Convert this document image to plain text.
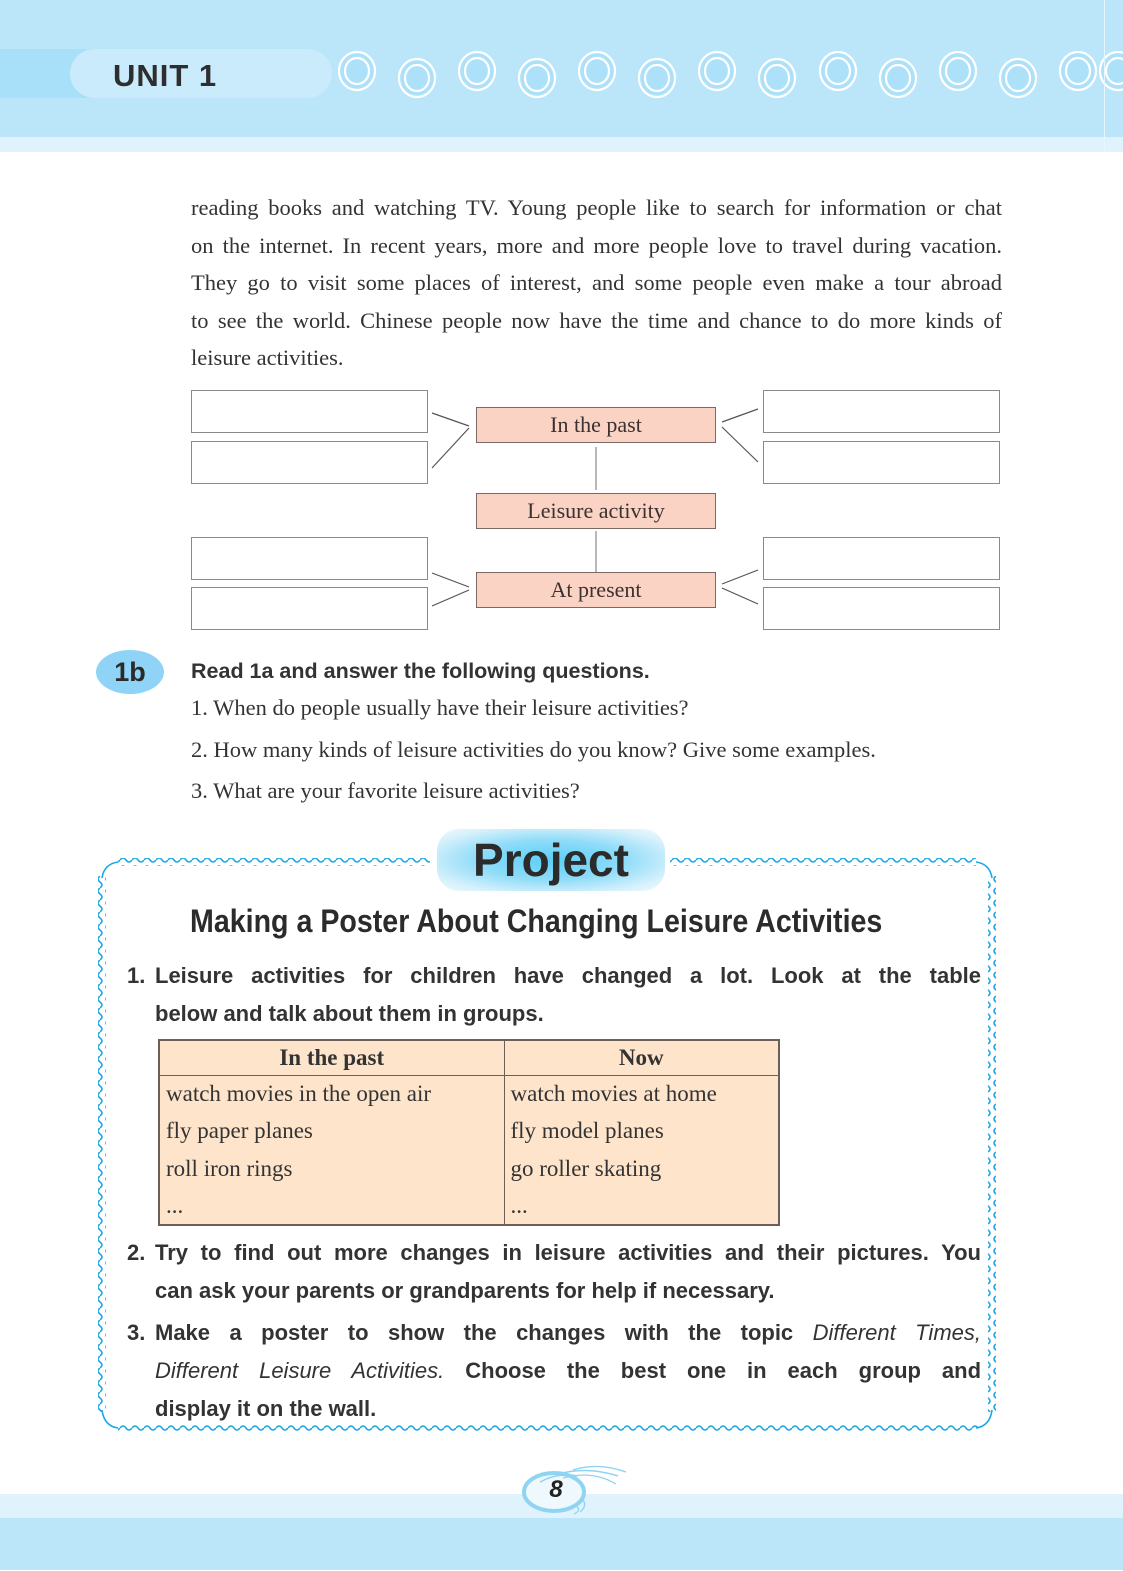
UNIT 1
reading books and watching TV. Young people like to search for information or chat
on the internet. In recent years, more and more people love to travel during vacation.
They go to visit some places of interest, and some people even make a tour abroad
to see the world. Chinese people now have the time and chance to do more kinds of
leisure activities.
In the past
Leisure activity
At present
1b	Read 1a and answer the following questions.
1. When do people usually have their leisure activities?
2. How many kinds of leisure activities do you know? Give some examples.
3. What are your favorite leisure activities?
Project
Making a Poster About Changing Leisure Activities
1. Leisure activities for children have changed a lot. Look at the table
below and talk about them in groups.
In the past	Now
watch movies in the open air	watch movies at home
fly paper planes	fly model planes
roll iron rings	go roller skating
...	...
2. Try to find out more changes in leisure activities and their pictures. You
can ask your parents or grandparents for help if necessary.
3. Make a poster to show the changes with the topic Different Times,
Different Leisure Activities. Choose the best one in each group and
display it on the wall.
8
